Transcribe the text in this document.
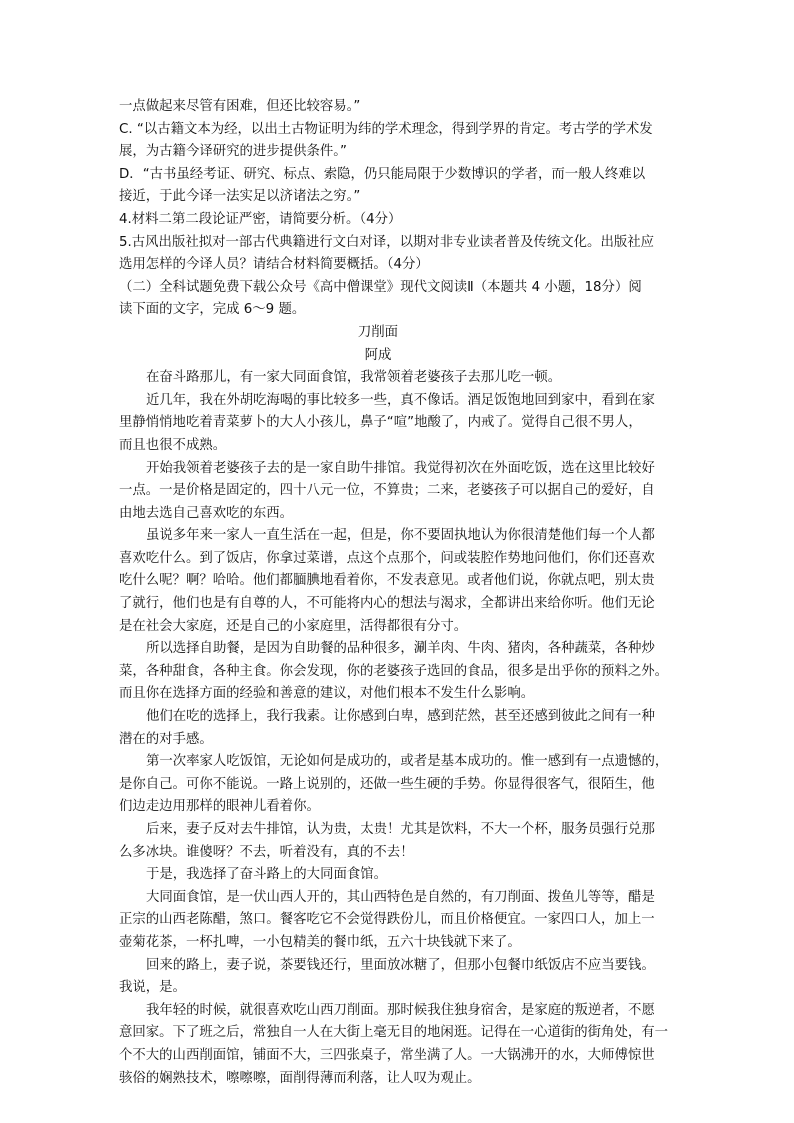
一点做起来尽管有困难，但还比较容易。”

C. “以古籍文本为经，以出土古物证明为纬的学术理念，得到学界的肯定。考古学的学术发

展，为古籍今译研究的进步提供条件。”

D．“古书虽经考证、研究、标点、索隐，仍只能局限于少数博识的学者，而一般人终难以

接近，于此今译一法实足以济诸法之穷。”

4.材料二第二段论证严密，请简要分析。（4分）

5.古风出版社拟对一部古代典籍进行文白对译，以期对非专业读者普及传统文化。出版社应

选用怎样的今译人员？请结合材料简要概括。（4分）

（二）全科试题免费下载公众号《高中僧课堂》现代文阅读Ⅱ（本题共 4 小题，18分）阅

读下面的文字，完成 6～9 题。

刀削面

阿成

在奋斗路那儿，有一家大同面食馆，我常领着老婆孩子去那儿吃一顿。

近几年，我在外胡吃海喝的事比较多一些，真不像话。酒足饭饱地回到家中，看到在家

里静悄悄地吃着青菜萝卜的大人小孩儿，鼻子“喧”地酸了，内戒了。觉得自己很不男人，

而且也很不成熟。

开始我领着老婆孩子去的是一家自助牛排馆。我觉得初次在外面吃饭，选在这里比较好

一点。一是价格是固定的，四十八元一位，不算贵；二来，老婆孩子可以据自己的爱好，自

由地去选自己喜欢吃的东西。

虽说多年来一家人一直生活在一起，但是，你不要固执地认为你很清楚他们每一个人都

喜欢吃什么。到了饭店，你拿过菜谱，点这个点那个，问或装腔作势地问他们，你们还喜欢

吃什么呢？啊？哈哈。他们都腼腆地看着你，不发表意见。或者他们说，你就点吧，别太贵

了就行，他们也是有自尊的人，不可能将内心的想法与渴求，全都讲出来给你听。他们无论

是在社会大家庭，还是自己的小家庭里，活得都很有分寸。

所以选择自助餐，是因为自助餐的品种很多，涮羊肉、牛肉、猪肉，各种蔬菜，各种炒

菜，各种甜食，各种主食。你会发现，你的老婆孩子选回的食品，很多是出乎你的预料之外。

而且你在选择方面的经验和善意的建议，对他们根本不发生什么影响。

他们在吃的选择上，我行我素。让你感到白卑，感到茫然，甚至还感到彼此之间有一种

潜在的对手感。

第一次率家人吃饭馆，无论如何是成功的，或者是基本成功的。惟一感到有一点遗憾的，

是你自己。可你不能说。一路上说别的，还做一些生硬的手势。你显得很客气，很陌生，他

们边走边用那样的眼神儿看着你。

后来，妻子反对去牛排馆，认为贵，太贵！尤其是饮料，不大一个杯，服务员强行兑那

么多冰块。谁傻呀？不去，听着没有，真的不去！

于是，我选择了奋斗路上的大同面食馆。

大同面食馆，是一伏山西人开的，其山西特色是自然的，有刀削面、拨鱼儿等等，醋是

正宗的山西老陈醋，煞口。餐客吃它不会觉得跌份儿，而且价格便宜。一家四口人，加上一

壶菊花茶，一杯扎啤，一小包精美的餐巾纸，五六十块钱就下来了。

回来的路上，妻子说，茶要钱还行，里面放冰糖了，但那小包餐巾纸饭店不应当要钱。

我说，是。

我年轻的时候，就很喜欢吃山西刀削面。那时候我住独身宿舍，是家庭的叛逆者，不愿

意回家。下了班之后，常独自一人在大街上毫无目的地闲逛。记得在一心道街的街角处，有一

个不大的山西削面馆，铺面不大，三四张桌子，常坐满了人。一大锅沸开的水，大师傅惊世

骇俗的娴熟技术，嚓嚓嚓，面削得薄而利落，让人叹为观止。
